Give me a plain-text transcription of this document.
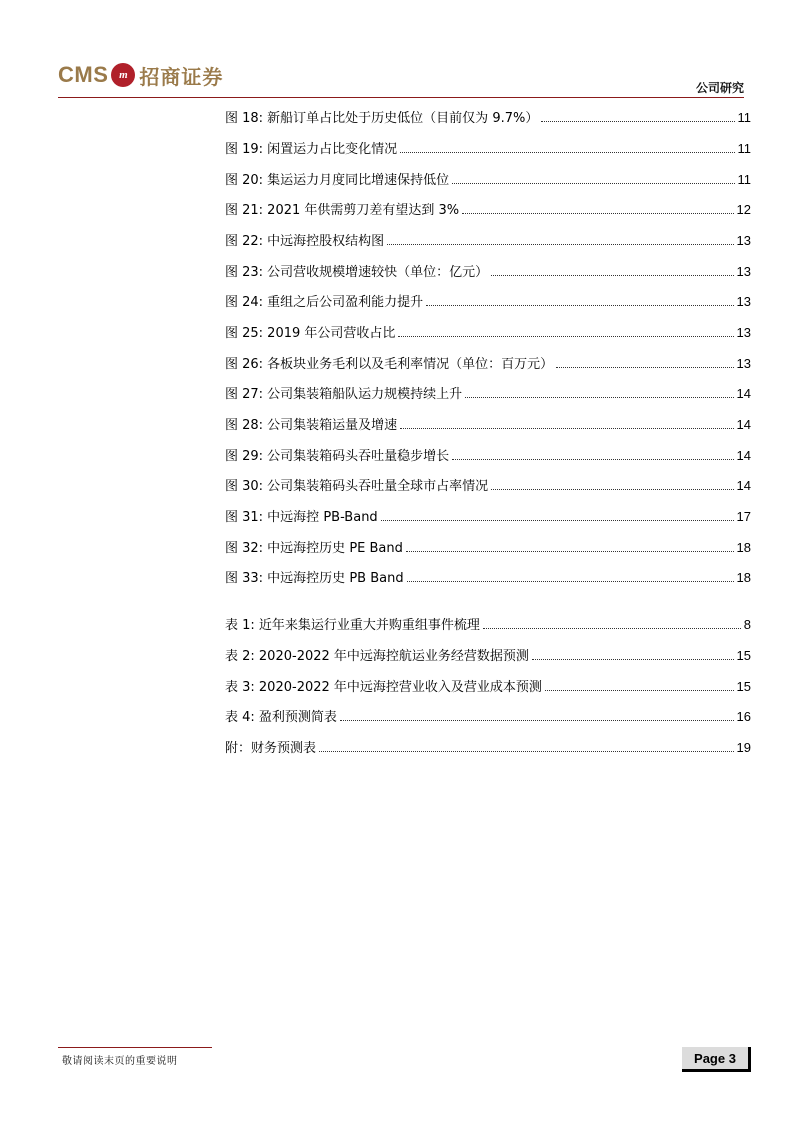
CMS m 招商证券	公司研究
图 18: 新船订单占比处于历史低位（目前仅为 9.7%）	11
图 19: 闲置运力占比变化情况	11
图 20: 集运运力月度同比增速保持低位	11
图 21: 2021 年供需剪刀差有望达到 3%	12
图 22: 中远海控股权结构图	13
图 23: 公司营收规模增速较快（单位：亿元）	13
图 24: 重组之后公司盈利能力提升	13
图 25: 2019 年公司营收占比	13
图 26: 各板块业务毛利以及毛利率情况（单位：百万元）	13
图 27: 公司集装箱船队运力规模持续上升	14
图 28: 公司集装箱运量及增速	14
图 29: 公司集装箱码头吞吐量稳步增长	14
图 30: 公司集装箱码头吞吐量全球市占率情况	14
图 31: 中远海控 PB-Band	17
图 32: 中远海控历史 PE Band	18
图 33: 中远海控历史 PB Band	18
表 1: 近年来集运行业重大并购重组事件梳理	8
表 2: 2020-2022 年中远海控航运业务经营数据预测	15
表 3: 2020-2022 年中远海控营业收入及营业成本预测	15
表 4: 盈利预测简表	16
附：财务预测表	19
敬请阅读末页的重要说明	Page 3
